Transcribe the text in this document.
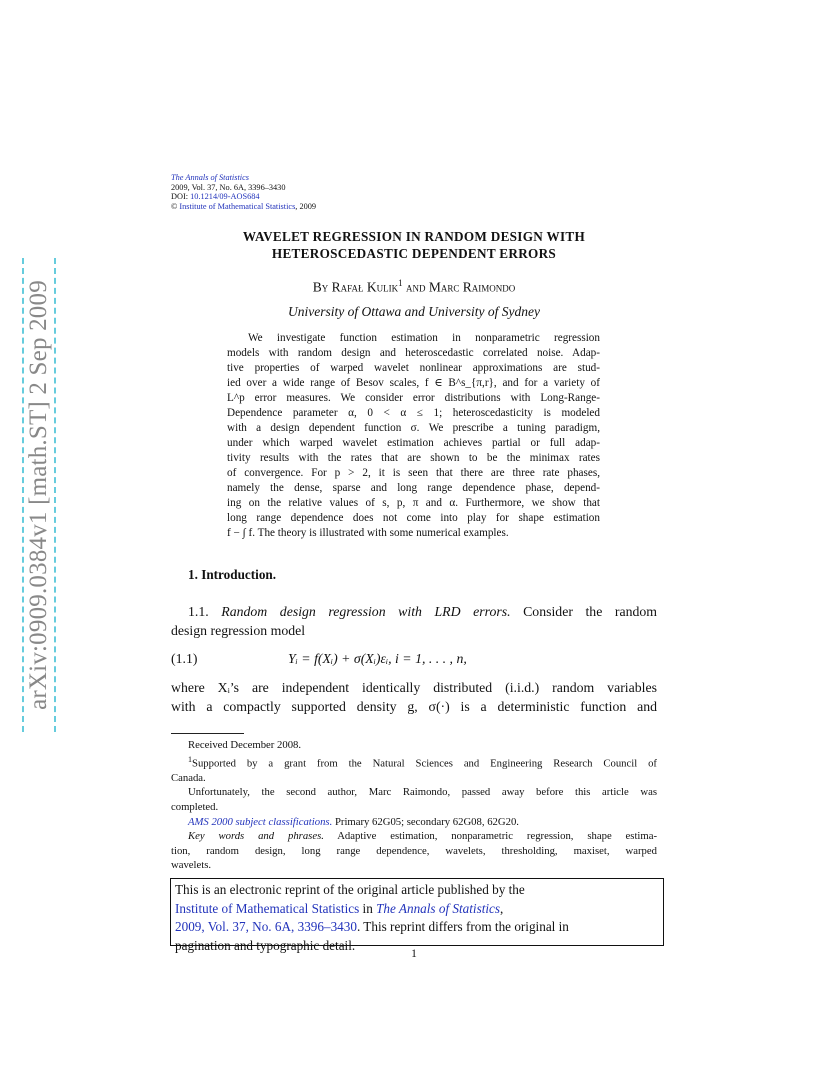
arXiv:0909.0384v1 [math.ST] 2 Sep 2009
The Annals of Statistics
2009, Vol. 37, No. 6A, 3396–3430
DOI: 10.1214/09-AOS684
© Institute of Mathematical Statistics, 2009
WAVELET REGRESSION IN RANDOM DESIGN WITH
HETEROSCEDASTIC DEPENDENT ERRORS
By Rafał Kulik$^1$ and Marc Raimondo
University of Ottawa and University of Sydney
We investigate function estimation in nonparametric regression
models with random design and heteroscedastic correlated noise. Adap-
tive properties of warped wavelet nonlinear approximations are stud-
ied over a wide range of Besov scales, f ∈ B^s_{π,r}, and for a variety of
L^p error measures. We consider error distributions with Long-Range-
Dependence parameter α, 0 < α ≤ 1; heteroscedasticity is modeled
with a design dependent function σ. We prescribe a tuning paradigm,
under which warped wavelet estimation achieves partial or full adap-
tivity results with the rates that are shown to be the minimax rates
of convergence. For p > 2, it is seen that there are three rate phases,
namely the dense, sparse and long range dependence phase, depend-
ing on the relative values of s, p, π and α. Furthermore, we show that
long range dependence does not come into play for shape estimation
f − ∫ f. The theory is illustrated with some numerical examples.
1. Introduction.
1.1. Random design regression with LRD errors. Consider the random
design regression model
(1.1)	Yᵢ = f(Xᵢ) + σ(Xᵢ)εᵢ, i = 1, . . . , n,
where Xᵢ’s are independent identically distributed (i.i.d.) random variables
with a compactly supported density g, σ(·) is a deterministic function and
Received December 2008.
$^1$Supported by a grant from the Natural Sciences and Engineering Research Council of
Canada.
Unfortunately, the second author, Marc Raimondo, passed away before this article was
completed.
AMS 2000 subject classifications. Primary 62G05; secondary 62G08, 62G20.
Key words and phrases. Adaptive estimation, nonparametric regression, shape estima-
tion, random design, long range dependence, wavelets, thresholding, maxiset, warped
wavelets.
This is an electronic reprint of the original article published by the
Institute of Mathematical Statistics in The Annals of Statistics,
2009, Vol. 37, No. 6A, 3396–3430. This reprint differs from the original in
pagination and typographic detail.
1
